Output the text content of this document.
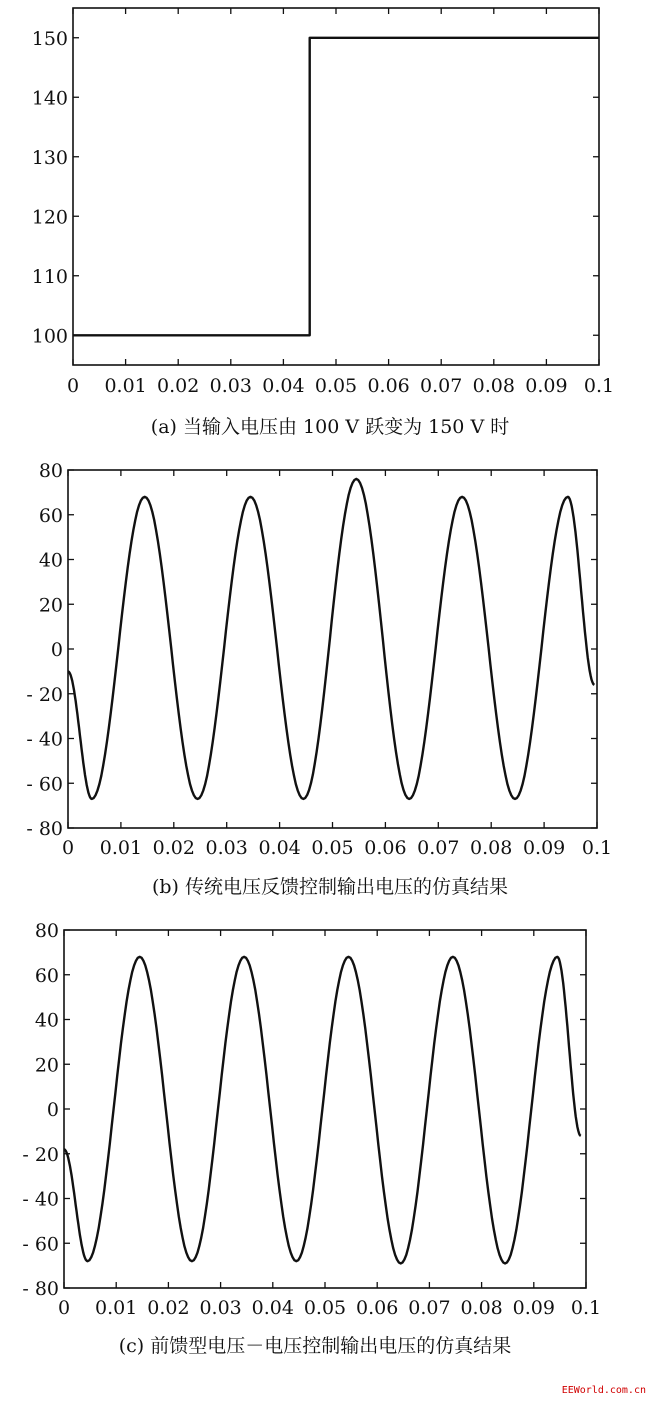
100
110
120
130
140
150
0 0.01 0.02 0.03 0.04 0.05 0.06 0.07 0.08 0.09 0.1
(a) 当输入电压由 100 V 跃变为 150 V 时
80
60
40
20
0
- 20
- 40
- 60
- 80
0 0.01 0.02 0.03 0.04 0.05 0.06 0.07 0.08 0.09 0.1
(b) 传统电压反馈控制输出电压的仿真结果
80
60
40
20
0
- 20
- 40
- 60
- 80
0 0.01 0.02 0.03 0.04 0.05 0.06 0.07 0.08 0.09 0.1
(c) 前馈型电压－电压控制输出电压的仿真结果
EEWorld.com.cn
